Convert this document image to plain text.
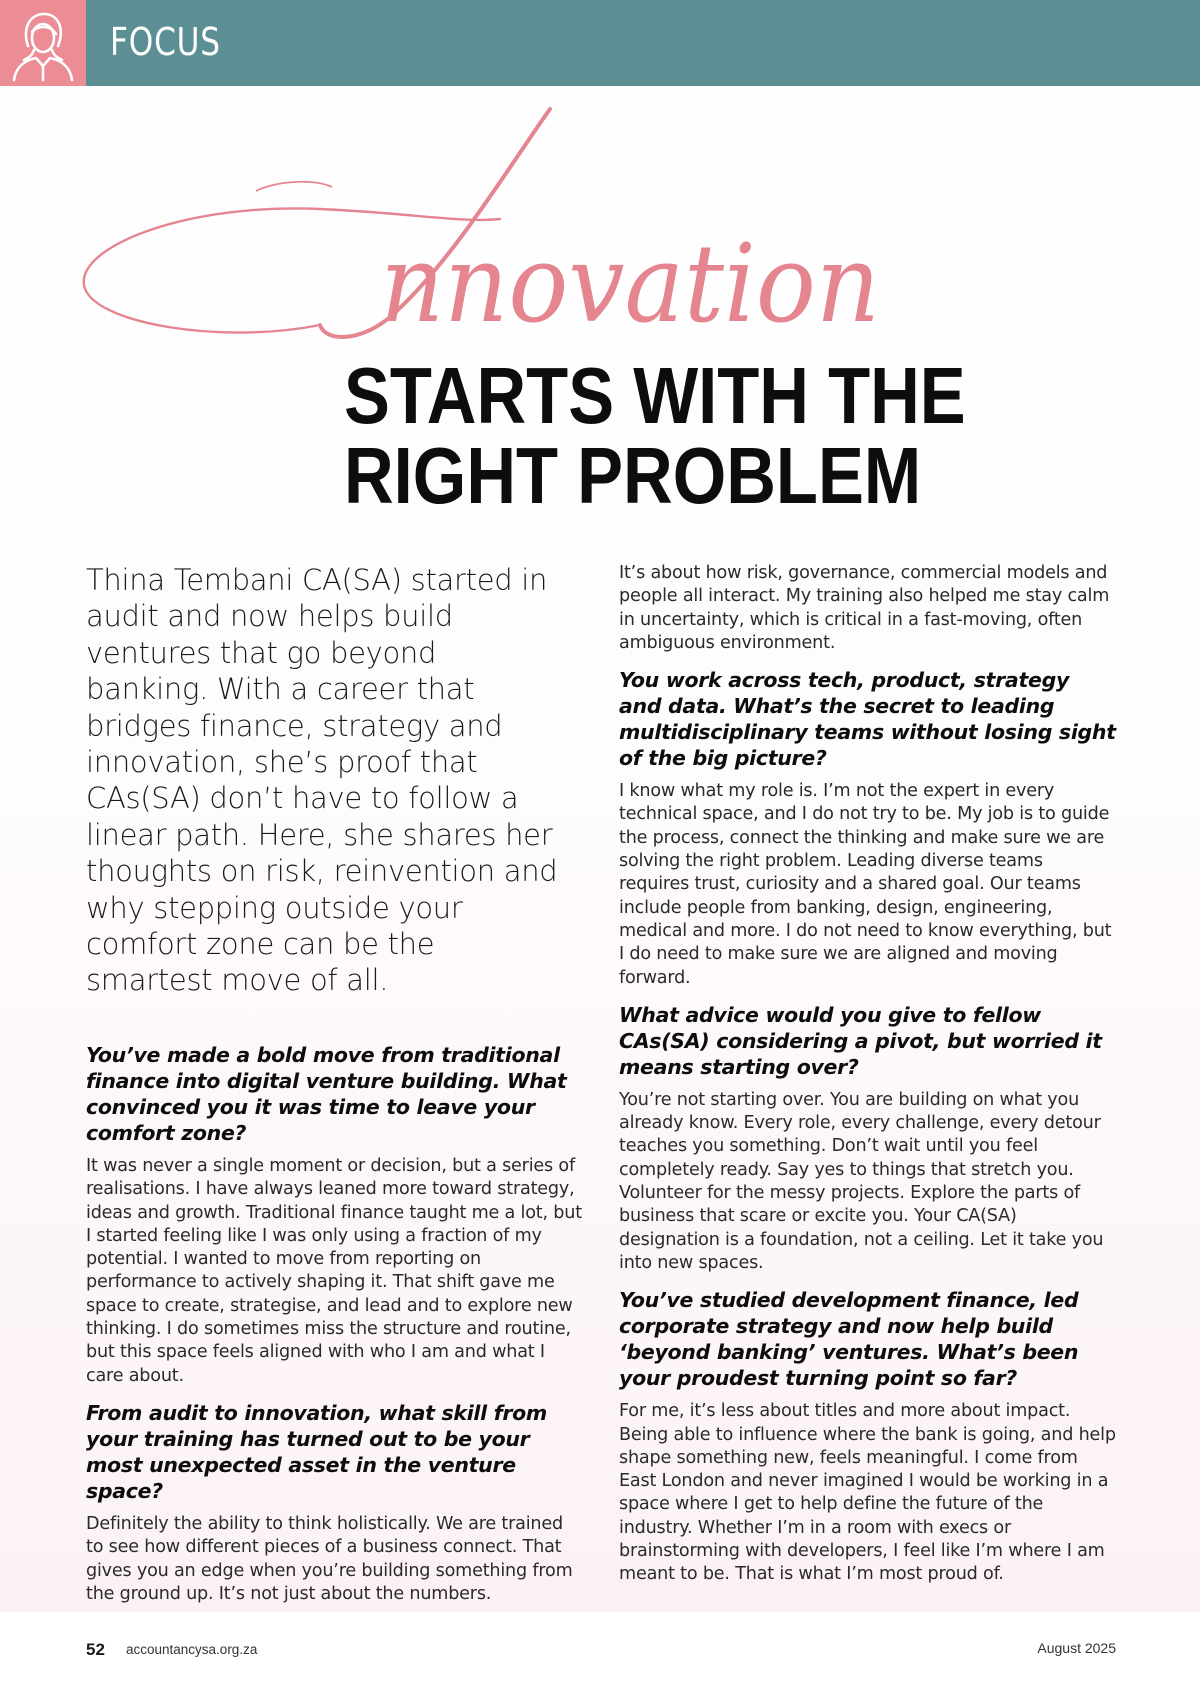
FOCUS
nnovation
STARTS WITH THE
RIGHT PROBLEM
Thina Tembani CA(SA) started in audit and now helps build ventures that go beyond banking. With a career that bridges finance, strategy and innovation, she’s proof that CAs(SA) don’t have to follow a linear path. Here, she shares her thoughts on risk, reinvention and why stepping outside your comfort zone can be the smartest move of all.

You’ve made a bold move from traditional finance into digital venture building. What convinced you it was time to leave your comfort zone?

It was never a single moment or decision, but a series of realisations. I have always leaned more toward strategy, ideas and growth. Traditional finance taught me a lot, but I started feeling like I was only using a fraction of my potential. I wanted to move from reporting on performance to actively shaping it. That shift gave me space to create, strategise, and lead and to explore new thinking. I do sometimes miss the structure and routine, but this space feels aligned with who I am and what I care about.

From audit to innovation, what skill from your training has turned out to be your most unexpected asset in the venture space?

Definitely the ability to think holistically. We are trained to see how different pieces of a business connect. That gives you an edge when you’re building something from the ground up. It’s not just about the numbers.

It’s about how risk, governance, commercial models and people all interact. My training also helped me stay calm in uncertainty, which is critical in a fast-moving, often ambiguous environment.

You work across tech, product, strategy and data. What’s the secret to leading multidisciplinary teams without losing sight of the big picture?

I know what my role is. I’m not the expert in every technical space, and I do not try to be. My job is to guide the process, connect the thinking and make sure we are solving the right problem. Leading diverse teams requires trust, curiosity and a shared goal. Our teams include people from banking, design, engineering, medical and more. I do not need to know everything, but I do need to make sure we are aligned and moving forward.

What advice would you give to fellow CAs(SA) considering a pivot, but worried it means starting over?

You’re not starting over. You are building on what you already know. Every role, every challenge, every detour teaches you something. Don’t wait until you feel completely ready. Say yes to things that stretch you. Volunteer for the messy projects. Explore the parts of business that scare or excite you. Your CA(SA) designation is a foundation, not a ceiling. Let it take you into new spaces.

You’ve studied development finance, led corporate strategy and now help build ‘beyond banking’ ventures. What’s been your proudest turning point so far?

For me, it’s less about titles and more about impact. Being able to influence where the bank is going, and help shape something new, feels meaningful. I come from East London and never imagined I would be working in a space where I get to help define the future of the industry. Whether I’m in a room with execs or brainstorming with developers, I feel like I’m where I am meant to be. That is what I’m most proud of.

52 accountancysa.org.za	August 2025
